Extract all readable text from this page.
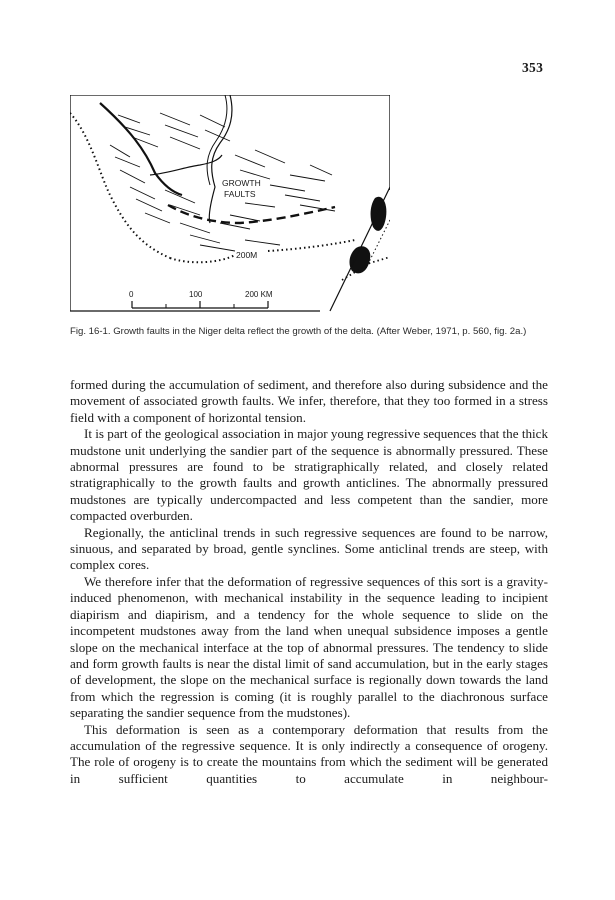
353
GROWTH
FAULTS
200M
0	100	200 KM
Fig. 16-1. Growth faults in the Niger delta reflect the growth of the delta. (After Weber, 1971, p. 560, fig. 2a.)

formed during the accumulation of sediment, and therefore also during subsidence and the movement of associated growth faults. We infer, therefore, that they too formed in a stress field with a component of horizontal tension.

It is part of the geological association in major young regressive sequences that the thick mudstone unit underlying the sandier part of the sequence is abnormally pressured. These abnormal pressures are found to be stratigraphically related, and closely related stratigraphically to the growth faults and growth anticlines. The abnormally pressured mudstones are typically undercompacted and less competent than the sandier, more compacted overburden.

Regionally, the anticlinal trends in such regressive sequences are found to be narrow, sinuous, and separated by broad, gentle synclines. Some anticlinal trends are steep, with complex cores.

We therefore infer that the deformation of regressive sequences of this sort is a gravity-induced phenomenon, with mechanical instability in the sequence leading to incipient diapirism and diapirism, and a tendency for the whole sequence to slide on the incompetent mudstones away from the land when unequal subsidence imposes a gentle slope on the mechanical interface at the top of abnormal pressures. The tendency to slide and form growth faults is near the distal limit of sand accumulation, but in the early stages of development, the slope on the mechanical surface is regionally down towards the land from which the regression is coming (it is roughly parallel to the diachronous surface separating the sandier sequence from the mudstones).

This deformation is seen as a contemporary deformation that results from the accumulation of the regressive sequence. It is only indirectly a consequence of orogeny. The role of orogeny is to create the mountains from which the sediment will be generated in sufficient quantities to accumulate in neighbour-
